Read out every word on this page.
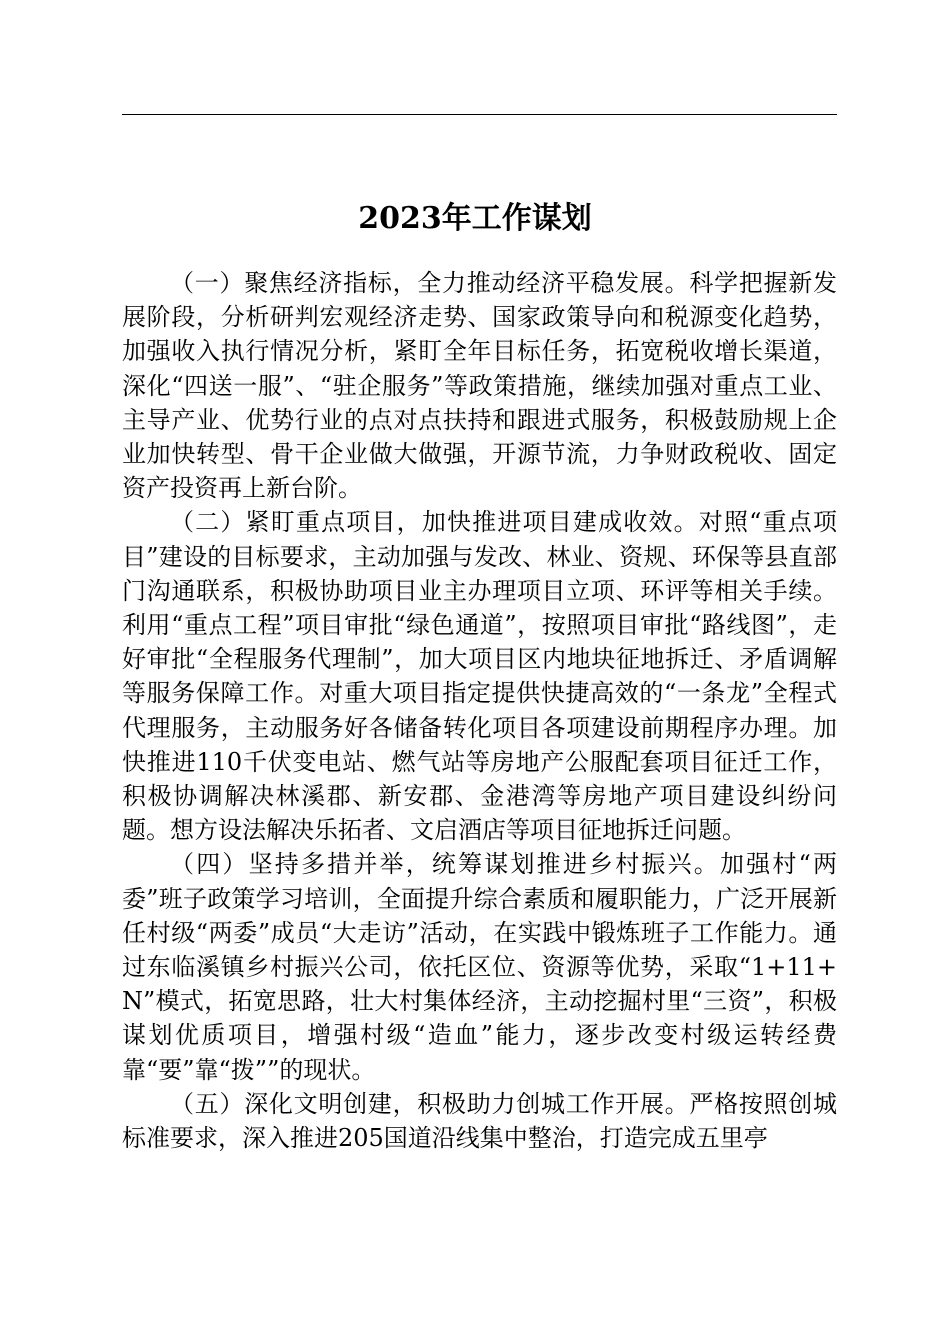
2023年工作谋划

（一）聚焦经济指标，全力推动经济平稳发展。科学把握新发展阶段，分析研判宏观经济走势、国家政策导向和税源变化趋势，加强收入执行情况分析，紧盯全年目标任务，拓宽税收增长渠道，深化“四送一服”、“驻企服务”等政策措施，继续加强对重点工业、主导产业、优势行业的点对点扶持和跟进式服务，积极鼓励规上企业加快转型、骨干企业做大做强，开源节流，力争财政税收、固定资产投资再上新台阶。

（二）紧盯重点项目，加快推进项目建成收效。对照“重点项目”建设的目标要求，主动加强与发改、林业、资规、环保等县直部门沟通联系，积极协助项目业主办理项目立项、环评等相关手续。利用“重点工程”项目审批“绿色通道”，按照项目审批“路线图”，走好审批“全程服务代理制”，加大项目区内地块征地拆迁、矛盾调解等服务保障工作。对重大项目指定提供快捷高效的“一条龙”全程式代理服务，主动服务好各储备转化项目各项建设前期程序办理。加快推进110千伏变电站、燃气站等房地产公服配套项目征迁工作，积极协调解决林溪郡、新安郡、金港湾等房地产项目建设纠纷问题。想方设法解决乐拓者、文启酒店等项目征地拆迁问题。

（四）坚持多措并举，统筹谋划推进乡村振兴。加强村“两委”班子政策学习培训，全面提升综合素质和履职能力，广泛开展新任村级“两委”成员“大走访”活动，在实践中锻炼班子工作能力。通过东临溪镇乡村振兴公司，依托区位、资源等优势，采取“1+11+N”模式，拓宽思路，壮大村集体经济，主动挖掘村里“三资”，积极谋划优质项目，增强村级“造血”能力，逐步改变村级运转经费靠“要”靠“拨””的现状。

（五）深化文明创建，积极助力创城工作开展。严格按照创城标准要求，深入推进205国道沿线集中整治，打造完成五里亭
